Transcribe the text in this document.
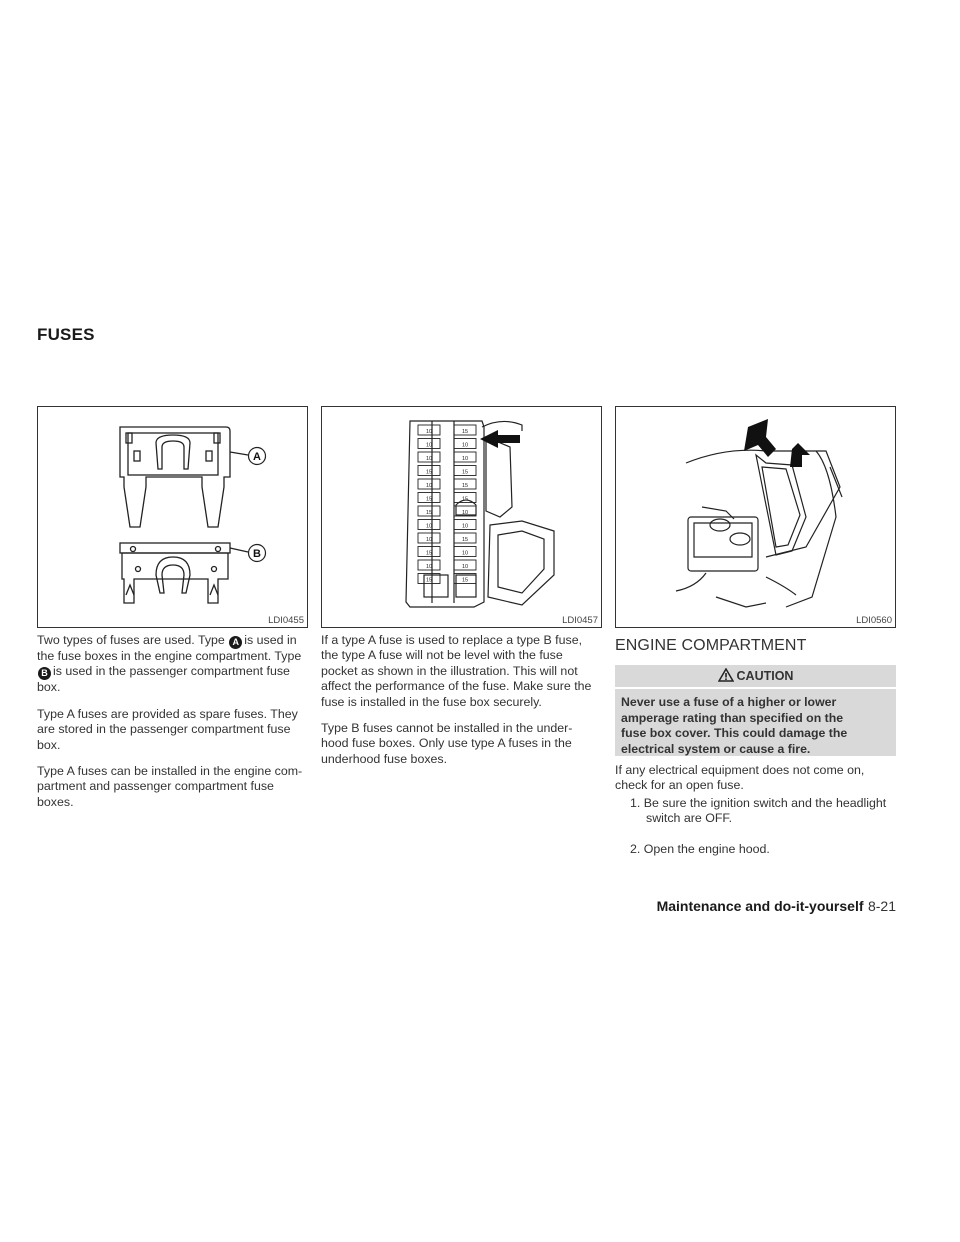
FUSES
A
B
LDI0455
10	15
10	10
10	10
15	15
10	15
15	15
15	10
10	10
10	15
15	10
10	10
15	15
LDI0457	LDI0560

Two types of fuses are used. Type A is used in
the fuse boxes in the engine compartment. Type
B is used in the passenger compartment fuse
box.

Type A fuses are provided as spare fuses. They
are stored in the passenger compartment fuse
box.

Type A fuses can be installed in the engine com-
partment and passenger compartment fuse
boxes.

If a type A fuse is used to replace a type B fuse,
the type A fuse will not be level with the fuse
pocket as shown in the illustration. This will not
affect the performance of the fuse. Make sure the
fuse is installed in the fuse box securely.

Type B fuses cannot be installed in the under-
hood fuse boxes. Only use type A fuses in the
underhood fuse boxes.

ENGINE COMPARTMENT
CAUTION
Never use a fuse of a higher or lower
amperage rating than specified on the
fuse box cover. This could damage the
electrical system or cause a fire.
If any electrical equipment does not come on,
check for an open fuse.
1. Be sure the ignition switch and the headlight
switch are OFF.
2. Open the engine hood.
Maintenance and do-it-yourself 8-21
